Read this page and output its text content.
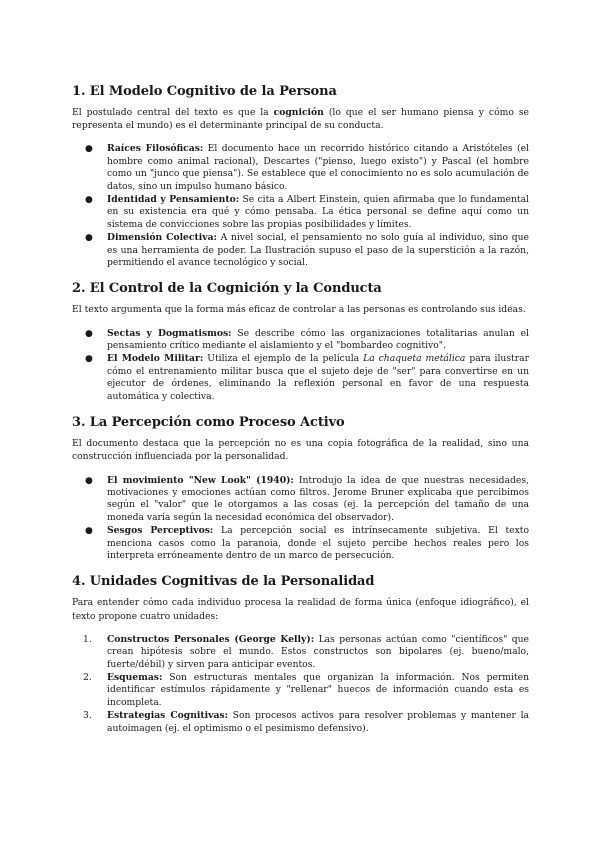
1. El Modelo Cognitivo de la Persona

El postulado central del texto es que la cognición (lo que el ser humano piensa y cómo se representa el mundo) es el determinante principal de su conducta.

● Raíces Filosóficas: El documento hace un recorrido histórico citando a Aristóteles (el hombre como animal racional), Descartes ("pienso, luego existo") y Pascal (el hombre como un "junco que piensa"). Se establece que el conocimiento no es solo acumulación de datos, sino un impulso humano básico.
● Identidad y Pensamiento: Se cita a Albert Einstein, quien afirmaba que lo fundamental en su existencia era qué y cómo pensaba. La ética personal se define aquí como un sistema de convicciones sobre las propias posibilidades y límites.
● Dimensión Colectiva: A nivel social, el pensamiento no solo guía al individuo, sino que es una herramienta de poder. La Ilustración supuso el paso de la superstición a la razón, permitiendo el avance tecnológico y social.
2. El Control de la Cognición y la Conducta

El texto argumenta que la forma más eficaz de controlar a las personas es controlando sus ideas.

● Sectas y Dogmatismos: Se describe cómo las organizaciones totalitarias anulan el pensamiento crítico mediante el aislamiento y el "bombardeo cognitivo".
● El Modelo Militar: Utiliza el ejemplo de la película La chaqueta metálica para ilustrar cómo el entrenamiento militar busca que el sujeto deje de "ser" para convertirse en un ejecutor de órdenes, eliminando la reflexión personal en favor de una respuesta automática y colectiva.
3. La Percepción como Proceso Activo

El documento destaca que la percepción no es una copia fotográfica de la realidad, sino una construcción influenciada por la personalidad.

● El movimiento "New Look" (1940): Introdujo la idea de que nuestras necesidades, motivaciones y emociones actúan como filtros. Jerome Bruner explicaba que percibimos según el "valor" que le otorgamos a las cosas (ej. la percepción del tamaño de una moneda varía según la necesidad económica del observador).
● Sesgos Perceptivos: La percepción social es intrínsecamente subjetiva. El texto menciona casos como la paranoia, donde el sujeto percibe hechos reales pero los interpreta erróneamente dentro de un marco de persecución.
4. Unidades Cognitivas de la Personalidad

Para entender cómo cada individuo procesa la realidad de forma única (enfoque idiográfico), el texto propone cuatro unidades:

1. Constructos Personales (George Kelly): Las personas actúan como "científicos" que crean hipótesis sobre el mundo. Estos constructos son bipolares (ej. bueno/malo, fuerte/débil) y sirven para anticipar eventos.
2. Esquemas: Son estructuras mentales que organizan la información. Nos permiten identificar estímulos rápidamente y "rellenar" huecos de información cuando esta es incompleta.
3. Estrategias Cognitivas: Son procesos activos para resolver problemas y mantener la autoimagen (ej. el optimismo o el pesimismo defensivo).
